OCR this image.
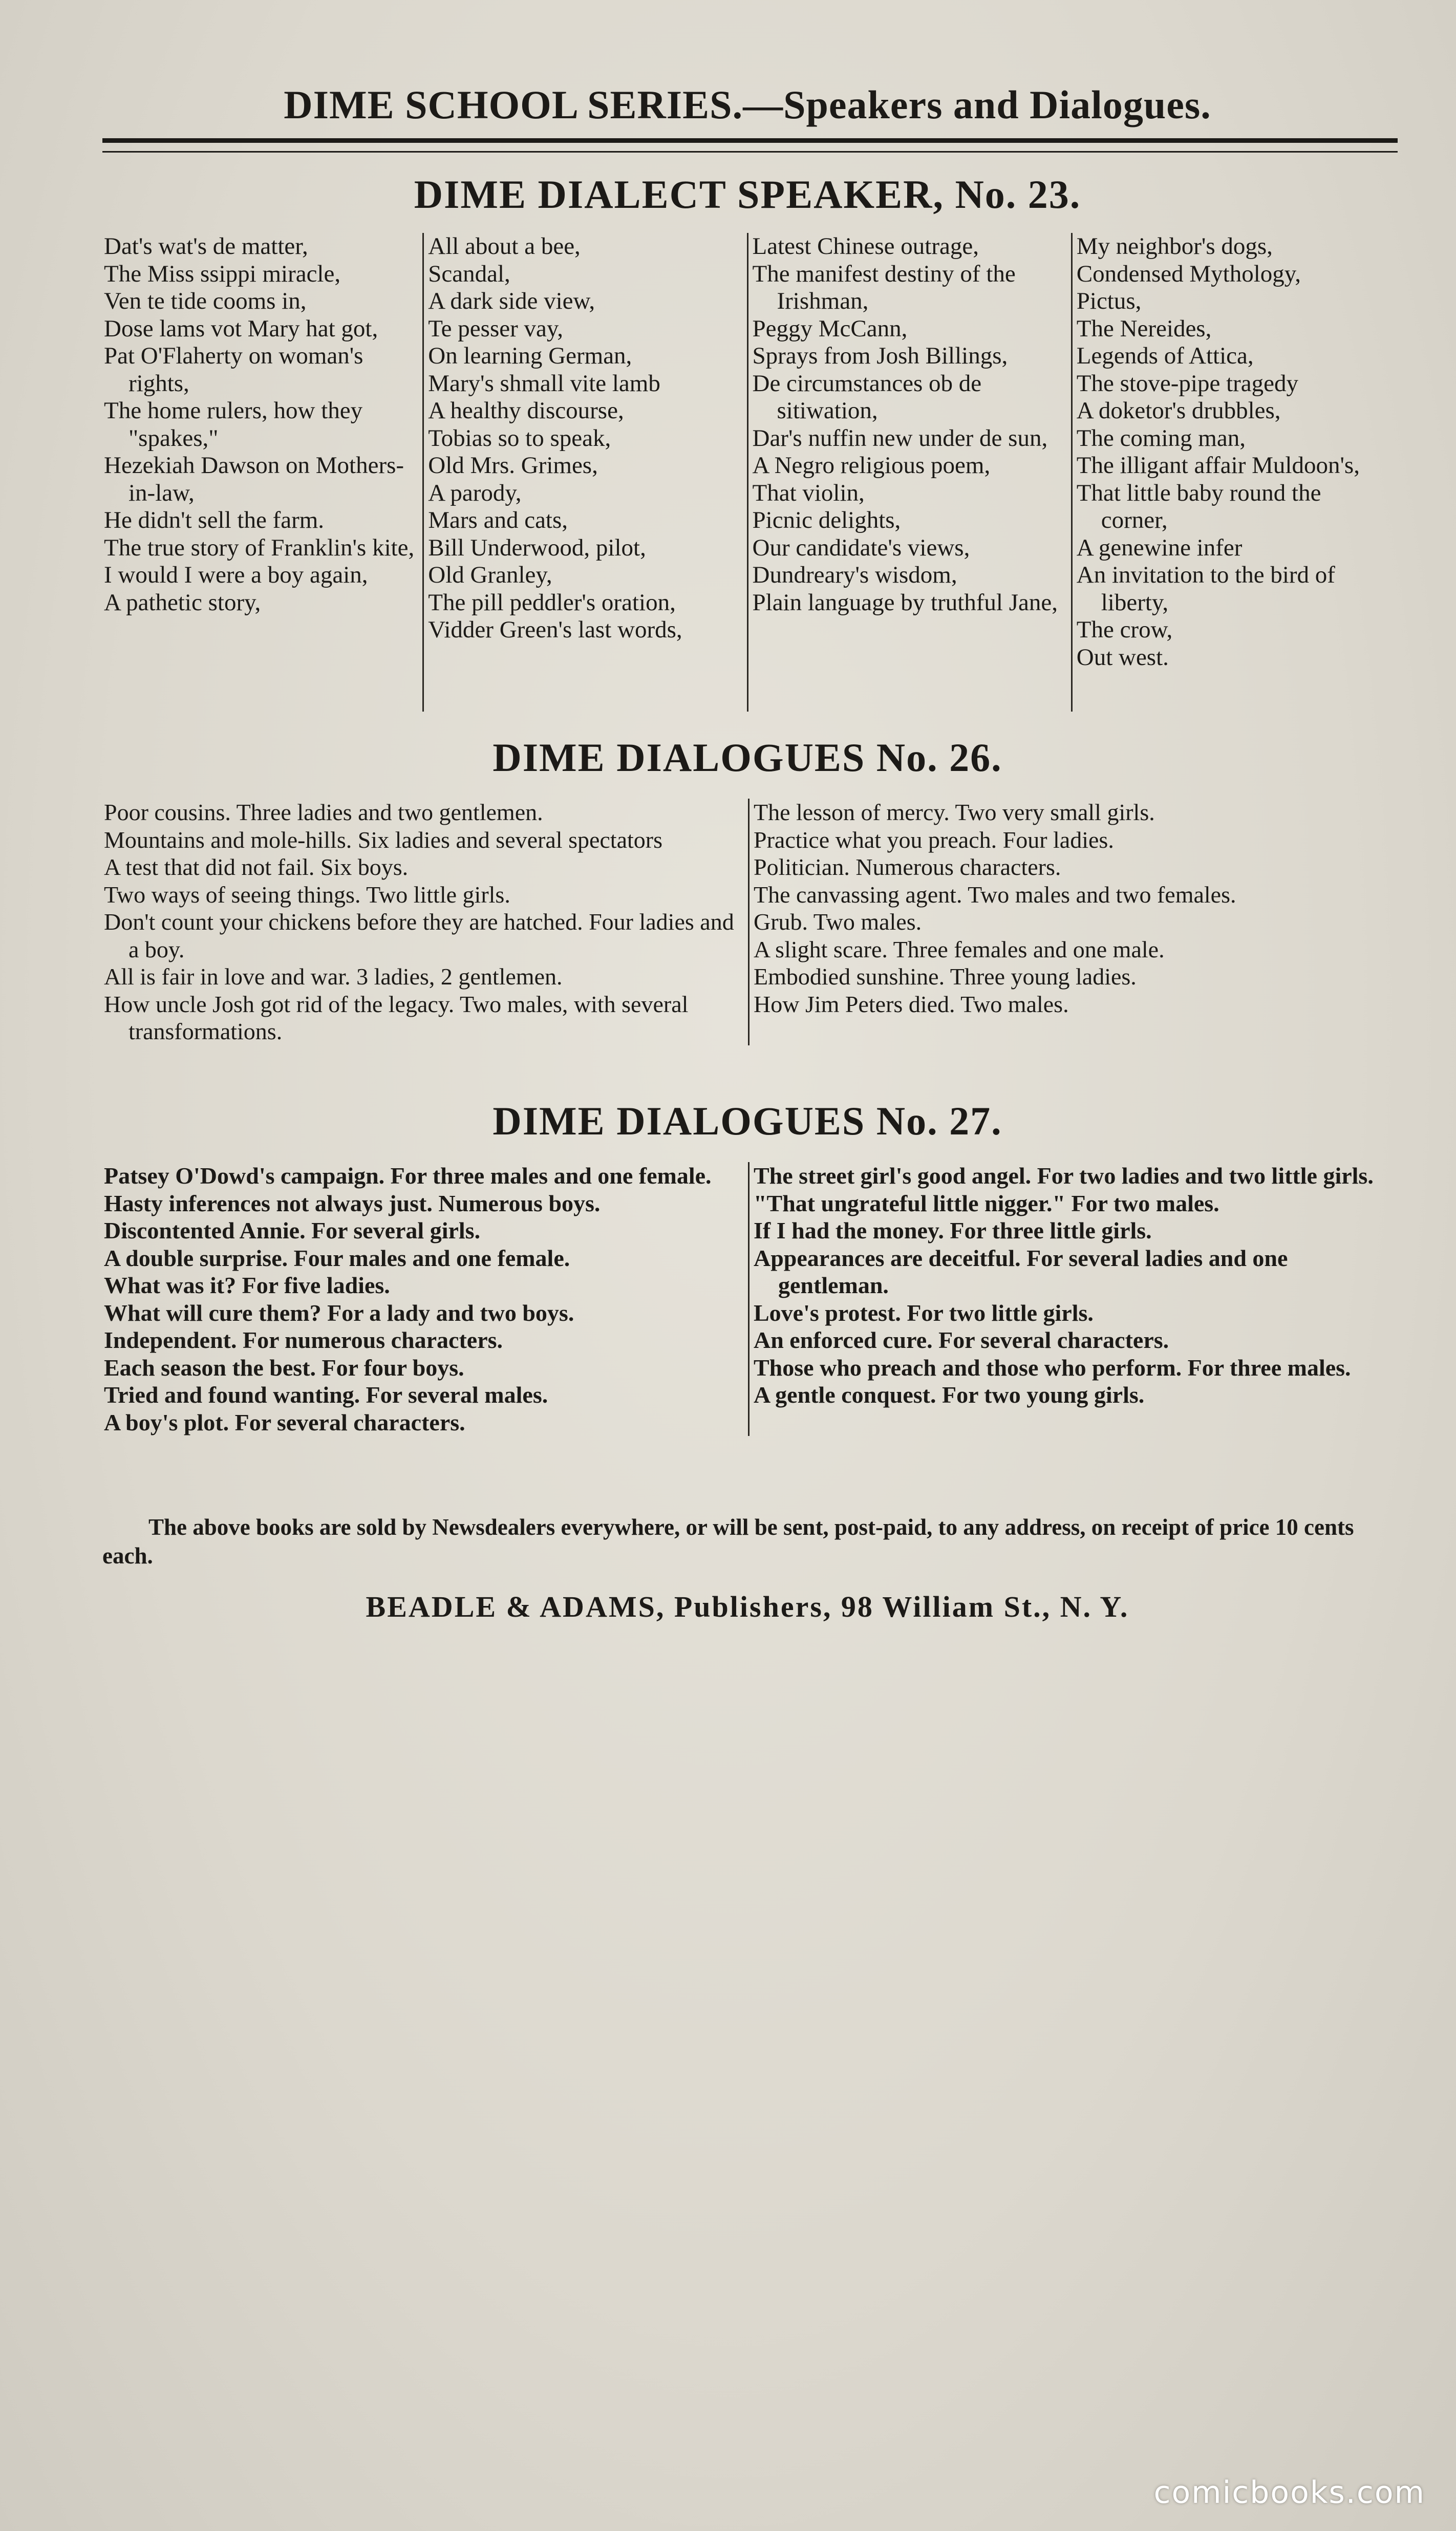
DIME SCHOOL SERIES.—Speakers and Dialogues.
DIME DIALECT SPEAKER, No. 23.
Dat's wat's de matter,
The Miss ssippi miracle,
Ven te tide cooms in,
Dose lams vot Mary hat got,
Pat O'Flaherty on woman's rights,
The home rulers, how they "spakes,"
Hezekiah Dawson on Mothers-in-law,
He didn't sell the farm.
The true story of Franklin's kite,
I would I were a boy again,
A pathetic story,
All about a bee,
Scandal,
A dark side view,
Te pesser vay,
On learning German,
Mary's shmall vite lamb
A healthy discourse,
Tobias so to speak,
Old Mrs. Grimes,
A parody,
Mars and cats,
Bill Underwood, pilot,
Old Granley,
The pill peddler's oration,
Vidder Green's last words,
Latest Chinese outrage,
The manifest destiny of the Irishman,
Peggy McCann,
Sprays from Josh Billings,
De circumstances ob de sitiwation,
Dar's nuffin new under de sun,
A Negro religious poem,
That violin,
Picnic delights,
Our candidate's views,
Dundreary's wisdom,
Plain language by truthful Jane,
My neighbor's dogs,
Condensed Mythology,
Pictus,
The Nereides,
Legends of Attica,
The stove-pipe tragedy
A doketor's drubbles,
The coming man,
The illigant affair Muldoon's,
That little baby round the corner,
A genewine infer
An invitation to the bird of liberty,
The crow,
Out west.
DIME DIALOGUES No. 26.
Poor cousins. Three ladies and two gentlemen.
Mountains and mole-hills. Six ladies and several spectators
A test that did not fail. Six boys.
Two ways of seeing things. Two little girls.
Don't count your chickens before they are hatched. Four ladies and a boy.
All is fair in love and war. 3 ladies, 2 gentlemen.
How uncle Josh got rid of the legacy. Two males, with several transformations.
The lesson of mercy. Two very small girls.
Practice what you preach. Four ladies.
Politician. Numerous characters.
The canvassing agent. Two males and two females.
Grub. Two males.
A slight scare. Three females and one male.
Embodied sunshine. Three young ladies.
How Jim Peters died. Two males.
DIME DIALOGUES No. 27.
Patsey O'Dowd's campaign. For three males and one female.
Hasty inferences not always just. Numerous boys.
Discontented Annie. For several girls.
A double surprise. Four males and one female.
What was it? For five ladies.
What will cure them? For a lady and two boys.
Independent. For numerous characters.
Each season the best. For four boys.
Tried and found wanting. For several males.
A boy's plot. For several characters.
The street girl's good angel. For two ladies and two little girls.
"That ungrateful little nigger." For two males.
If I had the money. For three little girls.
Appearances are deceitful. For several ladies and one gentleman.
Love's protest. For two little girls.
An enforced cure. For several characters.
Those who preach and those who perform. For three males.
A gentle conquest. For two young girls.
The above books are sold by Newsdealers everywhere, or will be sent, post-paid, to any address, on receipt of price 10 cents each.
BEADLE & ADAMS, Publishers, 98 William St., N. Y.
comicbooks.com
